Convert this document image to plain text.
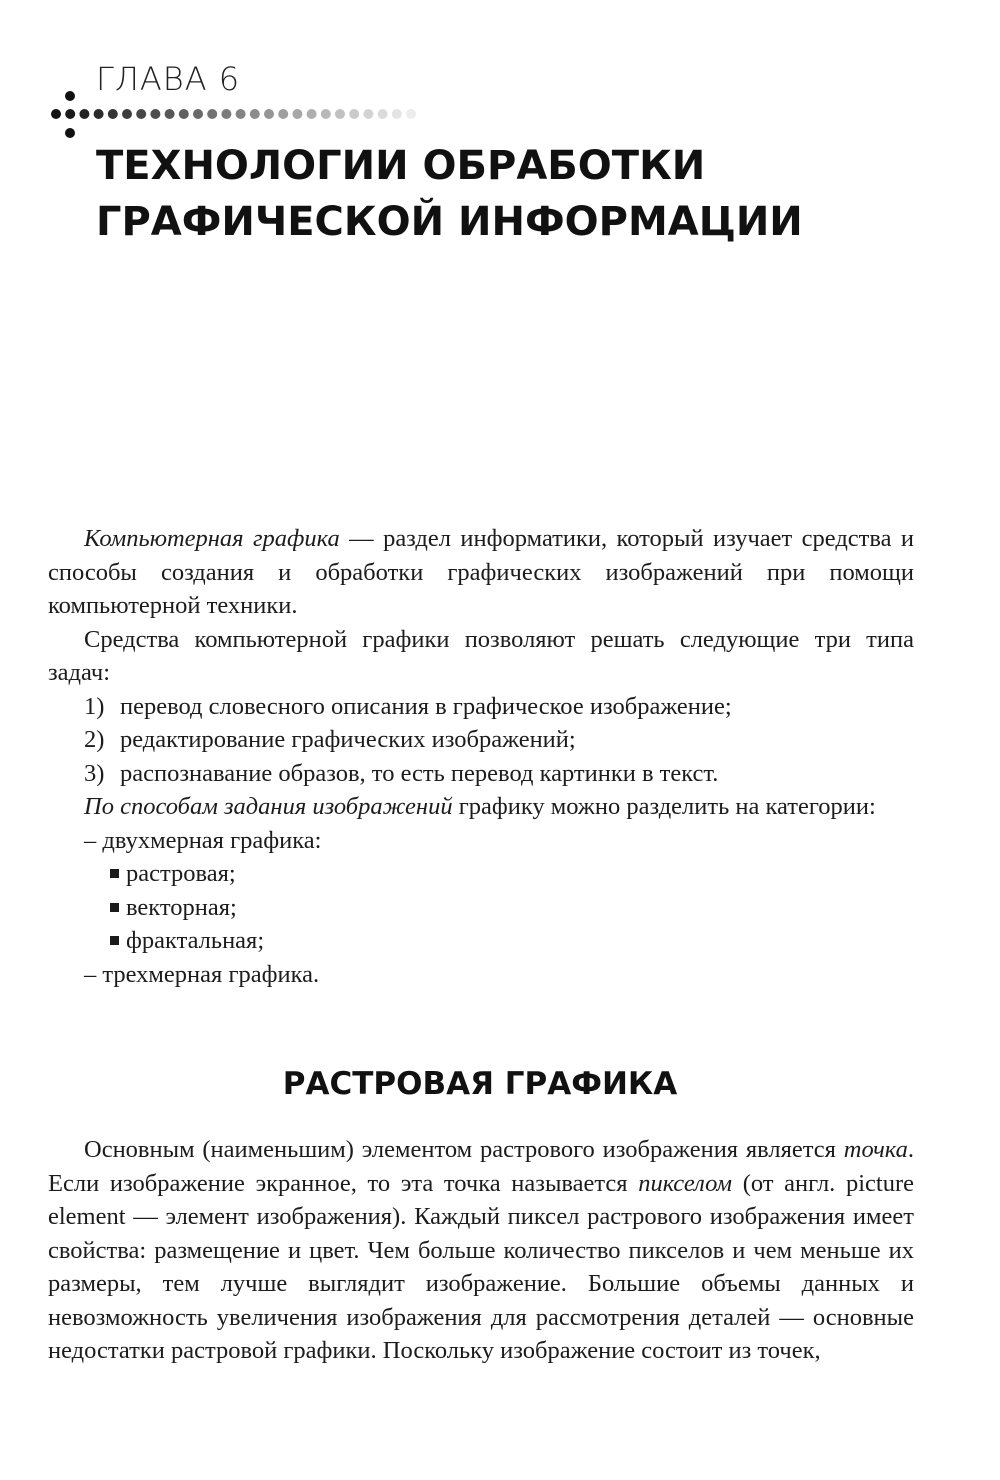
ГЛАВА 6
ТЕХНОЛОГИИ ОБРАБОТКИ
ГРАФИЧЕСКОЙ ИНФОРМАЦИИ

Компьютерная графика — раздел информатики, который изучает средства и способы создания и обработки графических изображений при помощи компьютерной техники.

Средства компьютерной графики позволяют решать следующие три типа задач:

1) перевод словесного описания в графическое изображение;

2) редактирование графических изображений;

3) распознавание образов, то есть перевод картинки в текст.

По способам задания изображений графику можно разделить на категории:

– двухмерная графика:

растровая;

векторная;

фрактальная;

– трехмерная графика.

РАСТРОВАЯ ГРАФИКА

Основным (наименьшим) элементом растрового изображения является точка. Если изображение экранное, то эта точка называется пикселом (от англ. picture element — элемент изображения). Каждый пиксел растрового изображения имеет свойства: размещение и цвет. Чем больше количество пикселов и чем меньше их размеры, тем лучше выглядит изображение. Большие объемы данных и невозможность увеличения изображения для рассмотрения деталей — основные недостатки растровой графики. Поскольку изображение состоит из точек,
